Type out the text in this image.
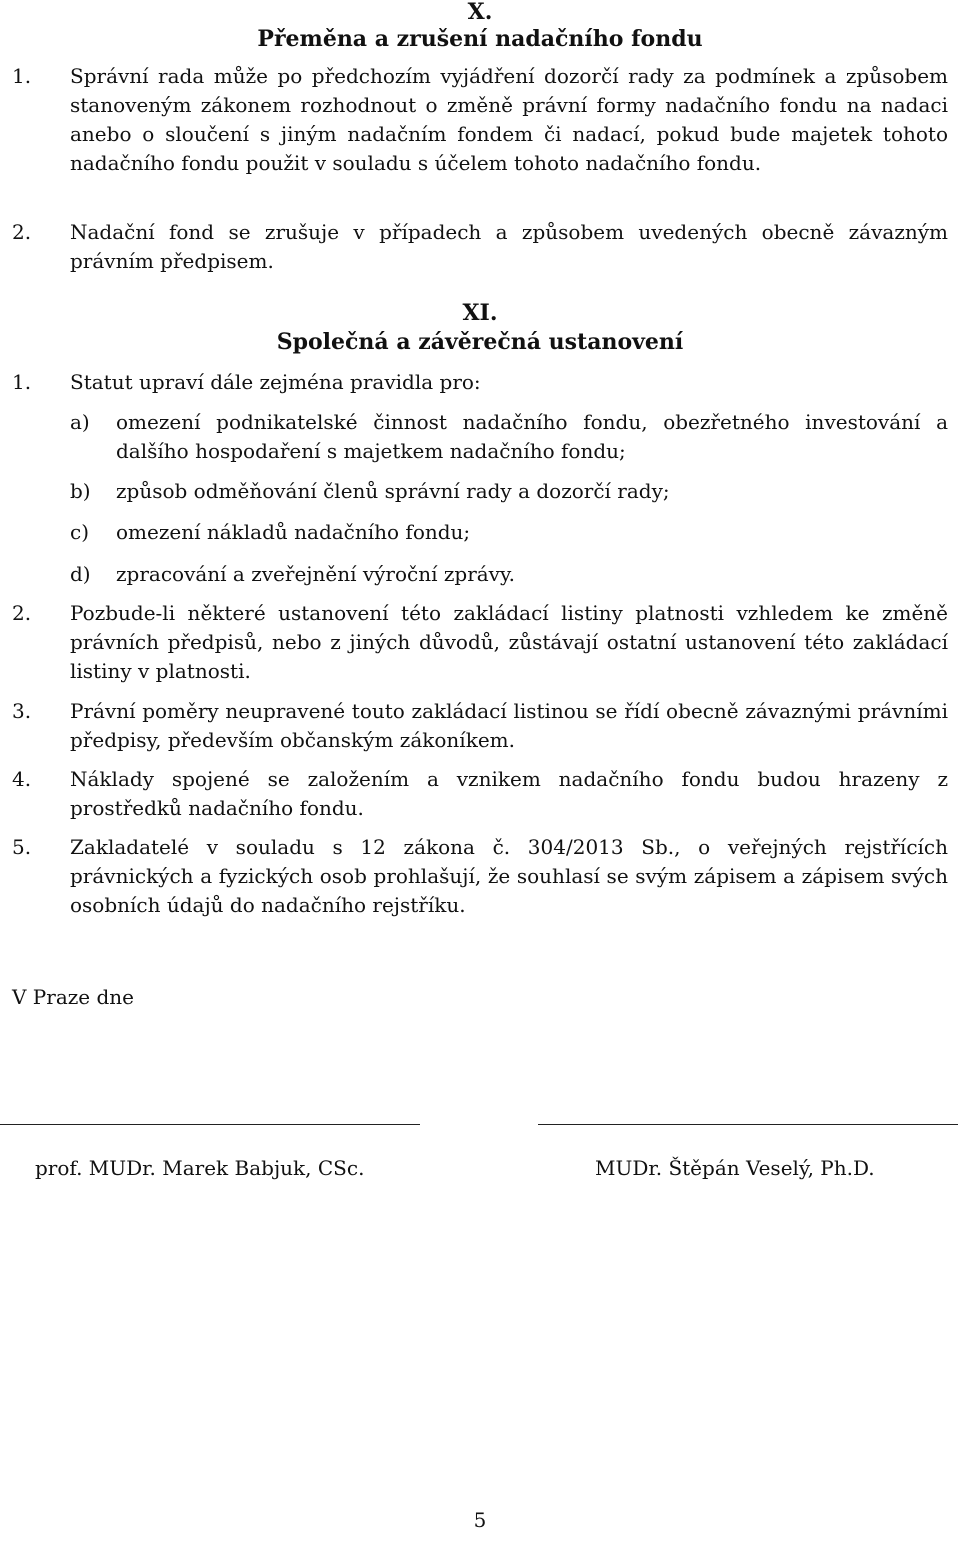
X.
Přeměna a zrušení nadačního fondu
1. Správní rada může po předchozím vyjádření dozorčí rady za podmínek a způsobem stanoveným zákonem rozhodnout o změně právní formy nadačního fondu na nadaci anebo o sloučení s jiným nadačním fondem či nadací, pokud bude majetek tohoto nadačního fondu použit v souladu s účelem tohoto nadačního fondu.
2. Nadační fond se zrušuje v případech a způsobem uvedených obecně závazným právním předpisem.
XI.
Společná a závěrečná ustanovení
1. Statut upraví dále zejména pravidla pro:
a) omezení podnikatelské činnost nadačního fondu, obezřetného investování a dalšího hospodaření s majetkem nadačního fondu;
b) způsob odměňování členů správní rady a dozorčí rady;
c) omezení nákladů nadačního fondu;
d) zpracování a zveřejnění výroční zprávy.
2. Pozbude-li některé ustanovení této zakládací listiny platnosti vzhledem ke změně právních předpisů, nebo z jiných důvodů, zůstávají ostatní ustanovení této zakládací listiny v platnosti.
3. Právní poměry neupravené touto zakládací listinou se řídí obecně závaznými právními předpisy, především občanským zákoníkem.
4. Náklady spojené se založením a vznikem nadačního fondu budou hrazeny z prostředků nadačního fondu.
5. Zakladatelé v souladu s 12 zákona č. 304/2013 Sb., o veřejných rejstřících právnických a fyzických osob prohlašují, že souhlasí se svým zápisem a zápisem svých osobních údajů do nadačního rejstříku.
V Praze dne
prof. MUDr. Marek Babjuk, CSc.	MUDr. Štěpán Veselý, Ph.D.
5
